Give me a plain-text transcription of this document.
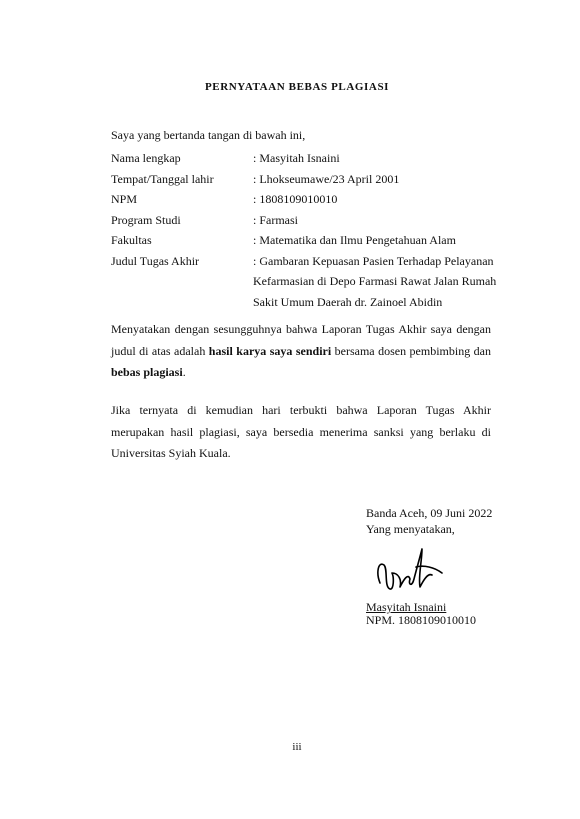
PERNYATAAN BEBAS PLAGIASI
Saya yang bertanda tangan di bawah ini,
Nama lengkap	: Masyitah Isnaini
Tempat/Tanggal lahir	: Lhokseumawe/23 April 2001
NPM	: 1808109010010
Program Studi	: Farmasi
Fakultas	: Matematika dan Ilmu Pengetahuan Alam
Judul Tugas Akhir	: Gambaran Kepuasan Pasien Terhadap Pelayanan
Kefarmasian di Depo Farmasi Rawat Jalan Rumah
Sakit Umum Daerah dr. Zainoel Abidin
Menyatakan dengan sesungguhnya bahwa Laporan Tugas Akhir saya dengan judul di atas adalah hasil karya saya sendiri bersama dosen pembimbing dan bebas plagiasi.
Jika ternyata di kemudian hari terbukti bahwa Laporan Tugas Akhir merupakan hasil plagiasi, saya bersedia menerima sanksi yang berlaku di Universitas Syiah Kuala.
Banda Aceh, 09 Juni 2022
Yang menyatakan,
Masyitah Isnaini
NPM. 1808109010010
iii
